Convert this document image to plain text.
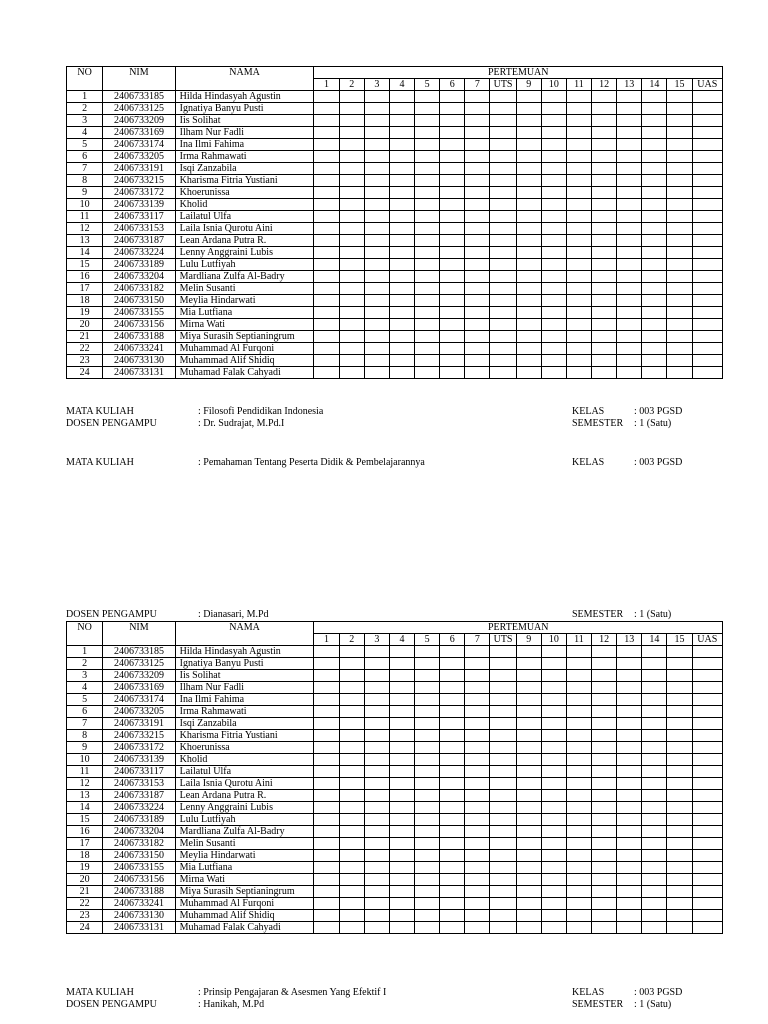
NO	NIM	NAMA	PERTEMUAN															
			1	2	3	4	5	6	7	UTS	9	10	11	12	13	14	15	UAS
1	2406733185	Hilda Hindasyah Agustin																
2	2406733125	Ignatiya Banyu Pusti																
3	2406733209	Iis Solihat																
4	2406733169	Ilham Nur Fadli																
5	2406733174	Ina Ilmi Fahima																
6	2406733205	Irma Rahmawati																
7	2406733191	Isqi Zanzabila																
8	2406733215	Kharisma Fitria Yustiani																
9	2406733172	Khoerunissa																
10	2406733139	Kholid																
11	2406733117	Lailatul Ulfa																
12	2406733153	Laila Isnia Qurotu Aini																
13	2406733187	Lean Ardana Putra R.																
14	2406733224	Lenny Anggraini Lubis																
15	2406733189	Lulu Lutfiyah																
16	2406733204	Mardliana Zulfa Al-Badry																
17	2406733182	Melin Susanti																
18	2406733150	Meylia Hindarwati																
19	2406733155	Mia Lutfiana																
20	2406733156	Mirna Wati																
21	2406733188	Miya Surasih Septianingrum																
22	2406733241	Muhammad Al Furqoni																
23	2406733130	Muhammad Alif Shidiq																
24	2406733131	Muhamad Falak Cahyadi																
MATA KULIAH	: Filosofi Pendidikan Indonesia	KELAS	: 003 PGSD
DOSEN PENGAMPU	: Dr. Sudrajat, M.Pd.I	SEMESTER : 1 (Satu)
MATA KULIAH	: Pemahaman Tentang Peserta Didik & Pembelajarannya	KELAS	: 003 PGSD
DOSEN PENGAMPU	: Dianasari, M.Pd	SEMESTER : 1 (Satu)
NO	NIM	NAMA	PERTEMUAN															
			1	2	3	4	5	6	7	UTS	9	10	11	12	13	14	15	UAS
1	2406733185	Hilda Hindasyah Agustin																
2	2406733125	Ignatiya Banyu Pusti																
3	2406733209	Iis Solihat																
4	2406733169	Ilham Nur Fadli																
5	2406733174	Ina Ilmi Fahima																
6	2406733205	Irma Rahmawati																
7	2406733191	Isqi Zanzabila																
8	2406733215	Kharisma Fitria Yustiani																
9	2406733172	Khoerunissa																
10	2406733139	Kholid																
11	2406733117	Lailatul Ulfa																
12	2406733153	Laila Isnia Qurotu Aini																
13	2406733187	Lean Ardana Putra R.																
14	2406733224	Lenny Anggraini Lubis																
15	2406733189	Lulu Lutfiyah																
16	2406733204	Mardliana Zulfa Al-Badry																
17	2406733182	Melin Susanti																
18	2406733150	Meylia Hindarwati																
19	2406733155	Mia Lutfiana																
20	2406733156	Mirna Wati																
21	2406733188	Miya Surasih Septianingrum																
22	2406733241	Muhammad Al Furqoni																
23	2406733130	Muhammad Alif Shidiq																
24	2406733131	Muhamad Falak Cahyadi																
MATA KULIAH	: Prinsip Pengajaran & Asesmen Yang Efektif I	KELAS	: 003 PGSD
DOSEN PENGAMPU	: Hanikah, M.Pd	SEMESTER : 1 (Satu)
